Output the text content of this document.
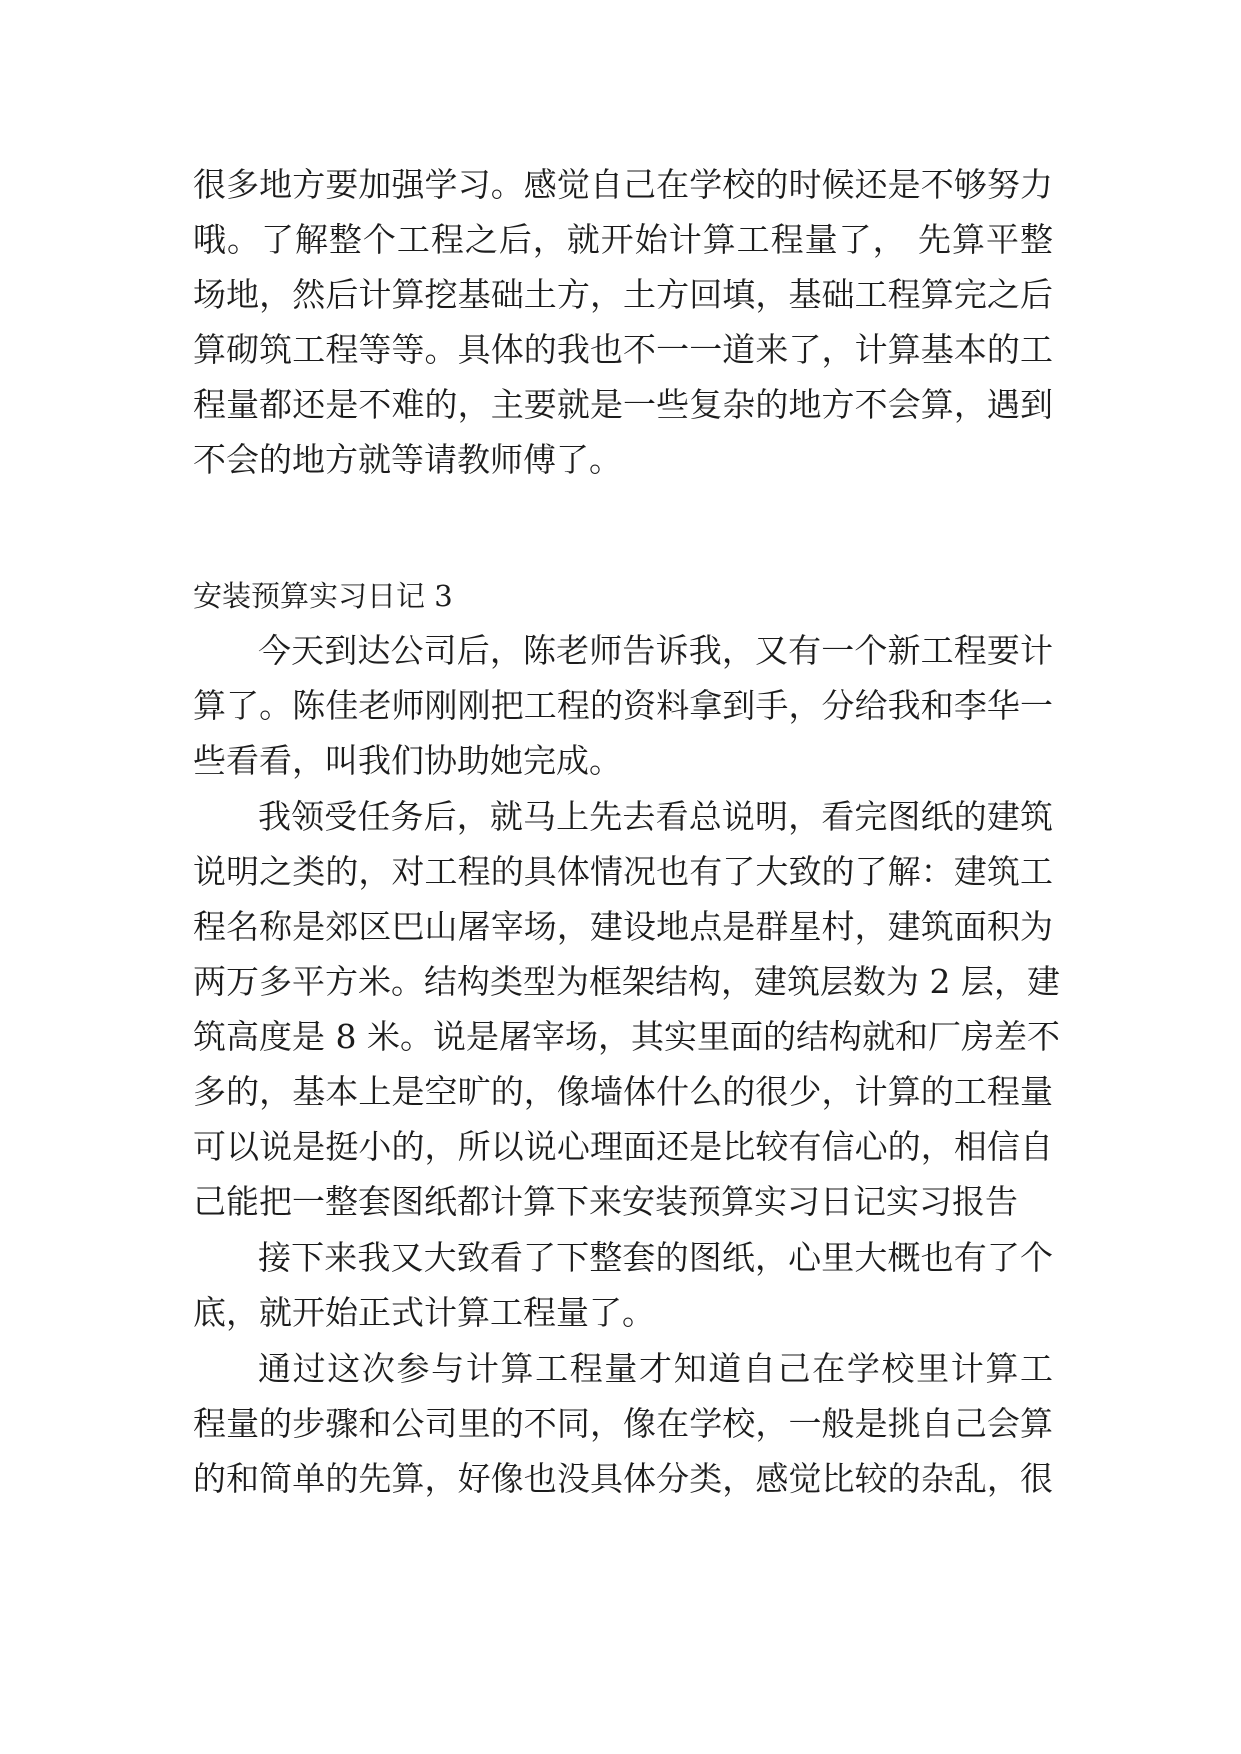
很多地方要加强学习。感觉自己在学校的时候还是不够努力
哦。了解整个工程之后，就开始计算工程量了， 先算平整
场地，然后计算挖基础土方，土方回填，基础工程算完之后
算砌筑工程等等。具体的我也不一一道来了，计算基本的工
程量都还是不难的，主要就是一些复杂的地方不会算，遇到
不会的地方就等请教师傅了。
安装预算实习日记 3
今天到达公司后，陈老师告诉我，又有一个新工程要计
算了。陈佳老师刚刚把工程的资料拿到手，分给我和李华一
些看看，叫我们协助她完成。
我领受任务后，就马上先去看总说明，看完图纸的建筑
说明之类的，对工程的具体情况也有了大致的了解：建筑工
程名称是郊区巴山屠宰场，建设地点是群星村，建筑面积为
两万多平方米。结构类型为框架结构，建筑层数为 2 层，建
筑高度是 8 米。说是屠宰场，其实里面的结构就和厂房差不
多的，基本上是空旷的，像墙体什么的很少，计算的工程量
可以说是挺小的，所以说心理面还是比较有信心的，相信自
己能把一整套图纸都计算下来安装预算实习日记实习报告
接下来我又大致看了下整套的图纸，心里大概也有了个
底，就开始正式计算工程量了。
通过这次参与计算工程量才知道自己在学校里计算工
程量的步骤和公司里的不同，像在学校，一般是挑自己会算
的和简单的先算，好像也没具体分类，感觉比较的杂乱，很
